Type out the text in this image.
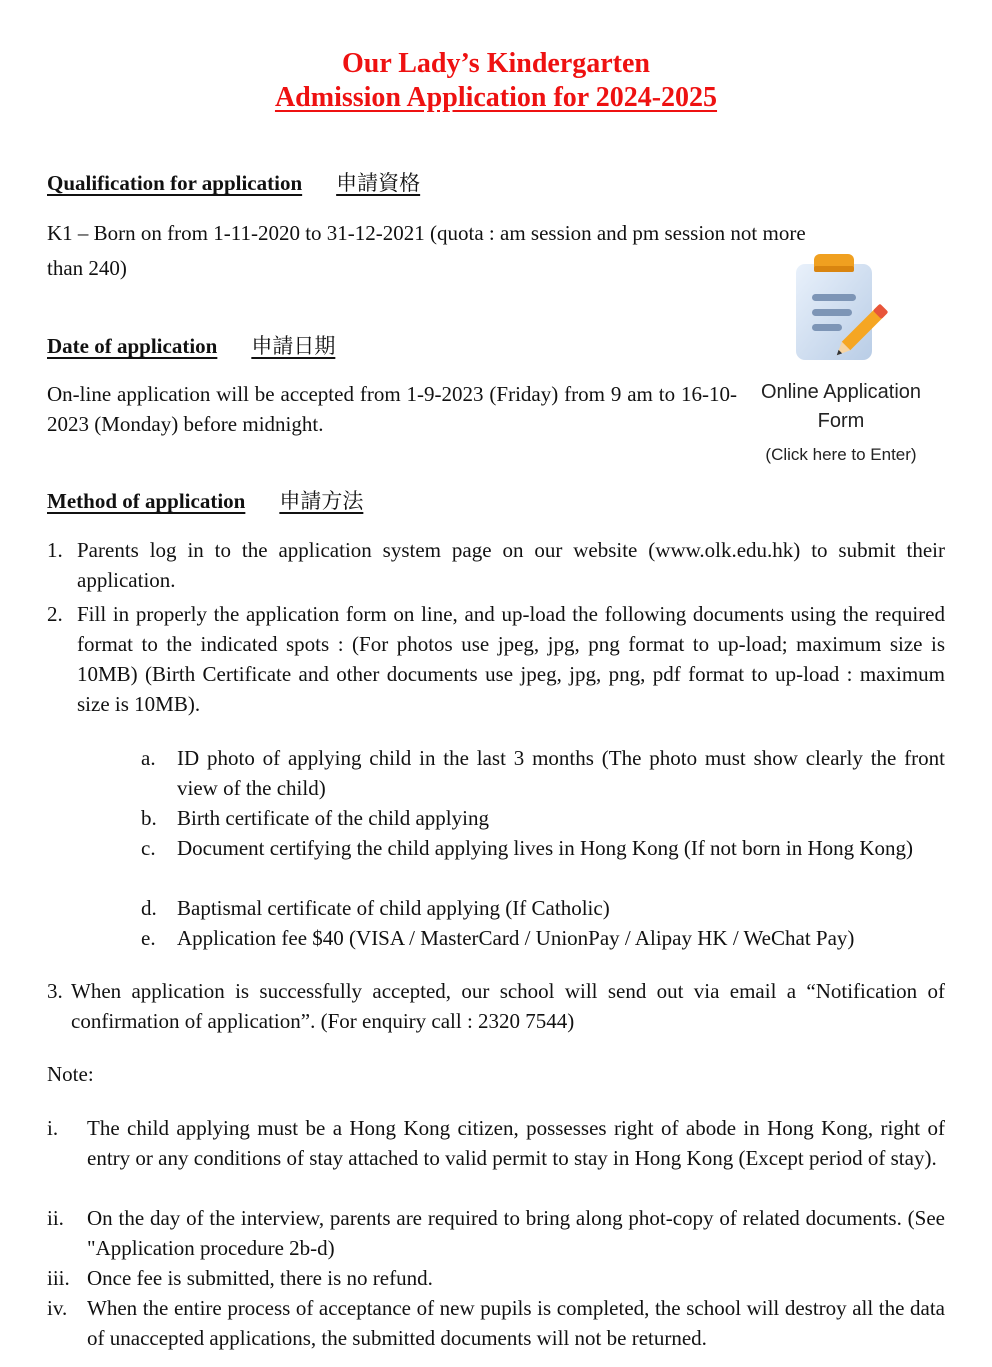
Our Lady’s Kindergarten
Admission Application for 2024-2025
Qualification for application 申請資格
K1 – Born on from 1-11-2020 to 31-12-2021 (quota : am session and pm session not more than 240)
Date of application 申請日期
On-line application will be accepted from 1-9-2023 (Friday) from 9 am to 16-10-2023 (Monday) before midnight.
Online Application Form
(Click here to Enter)
Method of application 申請方法
1. Parents log in to the application system page on our website (www.olk.edu.hk) to submit their application.
2. Fill in properly the application form on line, and up-load the following documents using the required format to the indicated spots : (For photos use jpeg, jpg, png format to up-load; maximum size is 10MB) (Birth Certificate and other documents use jpeg, jpg, png, pdf format to up-load : maximum size is 10MB).
a. ID photo of applying child in the last 3 months (The photo must show clearly the front view of the child)
b. Birth certificate of the child applying
c. Document certifying the child applying lives in Hong Kong (If not born in Hong Kong)
d. Baptismal certificate of child applying (If Catholic)
e. Application fee $40 (VISA / MasterCard / UnionPay / Alipay HK / WeChat Pay)
3. When application is successfully accepted, our school will send out via email a “Notification of confirmation of application”. (For enquiry call : 2320 7544)
Note:
i. The child applying must be a Hong Kong citizen, possesses right of abode in Hong Kong, right of entry or any conditions of stay attached to valid permit to stay in Hong Kong (Except period of stay).
ii. On the day of the interview, parents are required to bring along phot-copy of related documents. (See "Application procedure 2b-d)
iii. Once fee is submitted, there is no refund.
iv. When the entire process of acceptance of new pupils is completed, the school will destroy all the data of unaccepted applications, the submitted documents will not be returned.
